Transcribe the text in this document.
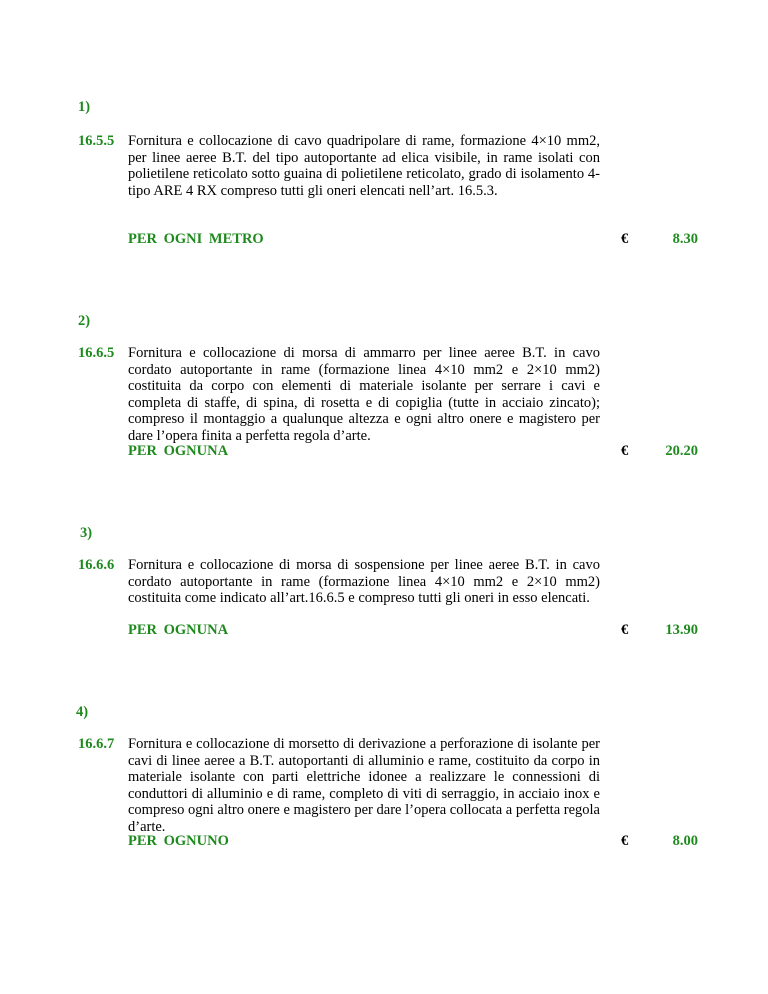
1)
16.5.5 Fornitura e collocazione di cavo quadripolare di rame, formazione 4×10 mm2, per linee aeree B.T. del tipo autoportante ad elica visibile, in rame isolati con polietilene reticolato sotto guaina di polietilene reticolato, grado di isolamento 4-tipo ARE 4 RX compreso tutti gli oneri elencati nell’art. 16.5.3.

PER OGNI METRO	€	8.30
2)
16.6.5 Fornitura e collocazione di morsa di ammarro per linee aeree B.T. in cavo cordato autoportante in rame (formazione linea 4×10 mm2 e 2×10 mm2) costituita da corpo con elementi di materiale isolante per serrare i cavi e completa di staffe, di spina, di rosetta e di copiglia (tutte in acciaio zincato); compreso il montaggio a qualunque altezza e ogni altro onere e magistero per dare l’opera finita a perfetta regola d’arte.

PER OGNUNA	€	20.20
3)
16.6.6 Fornitura e collocazione di morsa di sospensione per linee aeree B.T. in cavo cordato autoportante in rame (formazione linea 4×10 mm2 e 2×10 mm2) costituita come indicato all’art.16.6.5 e compreso tutti gli oneri in esso elencati.

PER OGNUNA	€	13.90
4)
16.6.7 Fornitura e collocazione di morsetto di derivazione a perforazione di isolante per cavi di linee aeree a B.T. autoportanti di alluminio e rame, costituito da corpo in materiale isolante con parti elettriche idonee a realizzare le connessioni di conduttori di alluminio e di rame, completo di viti di serraggio, in acciaio inox e compreso ogni altro onere e magistero per dare l’opera collocata a perfetta regola d’arte.

PER OGNUNO	€	8.00
